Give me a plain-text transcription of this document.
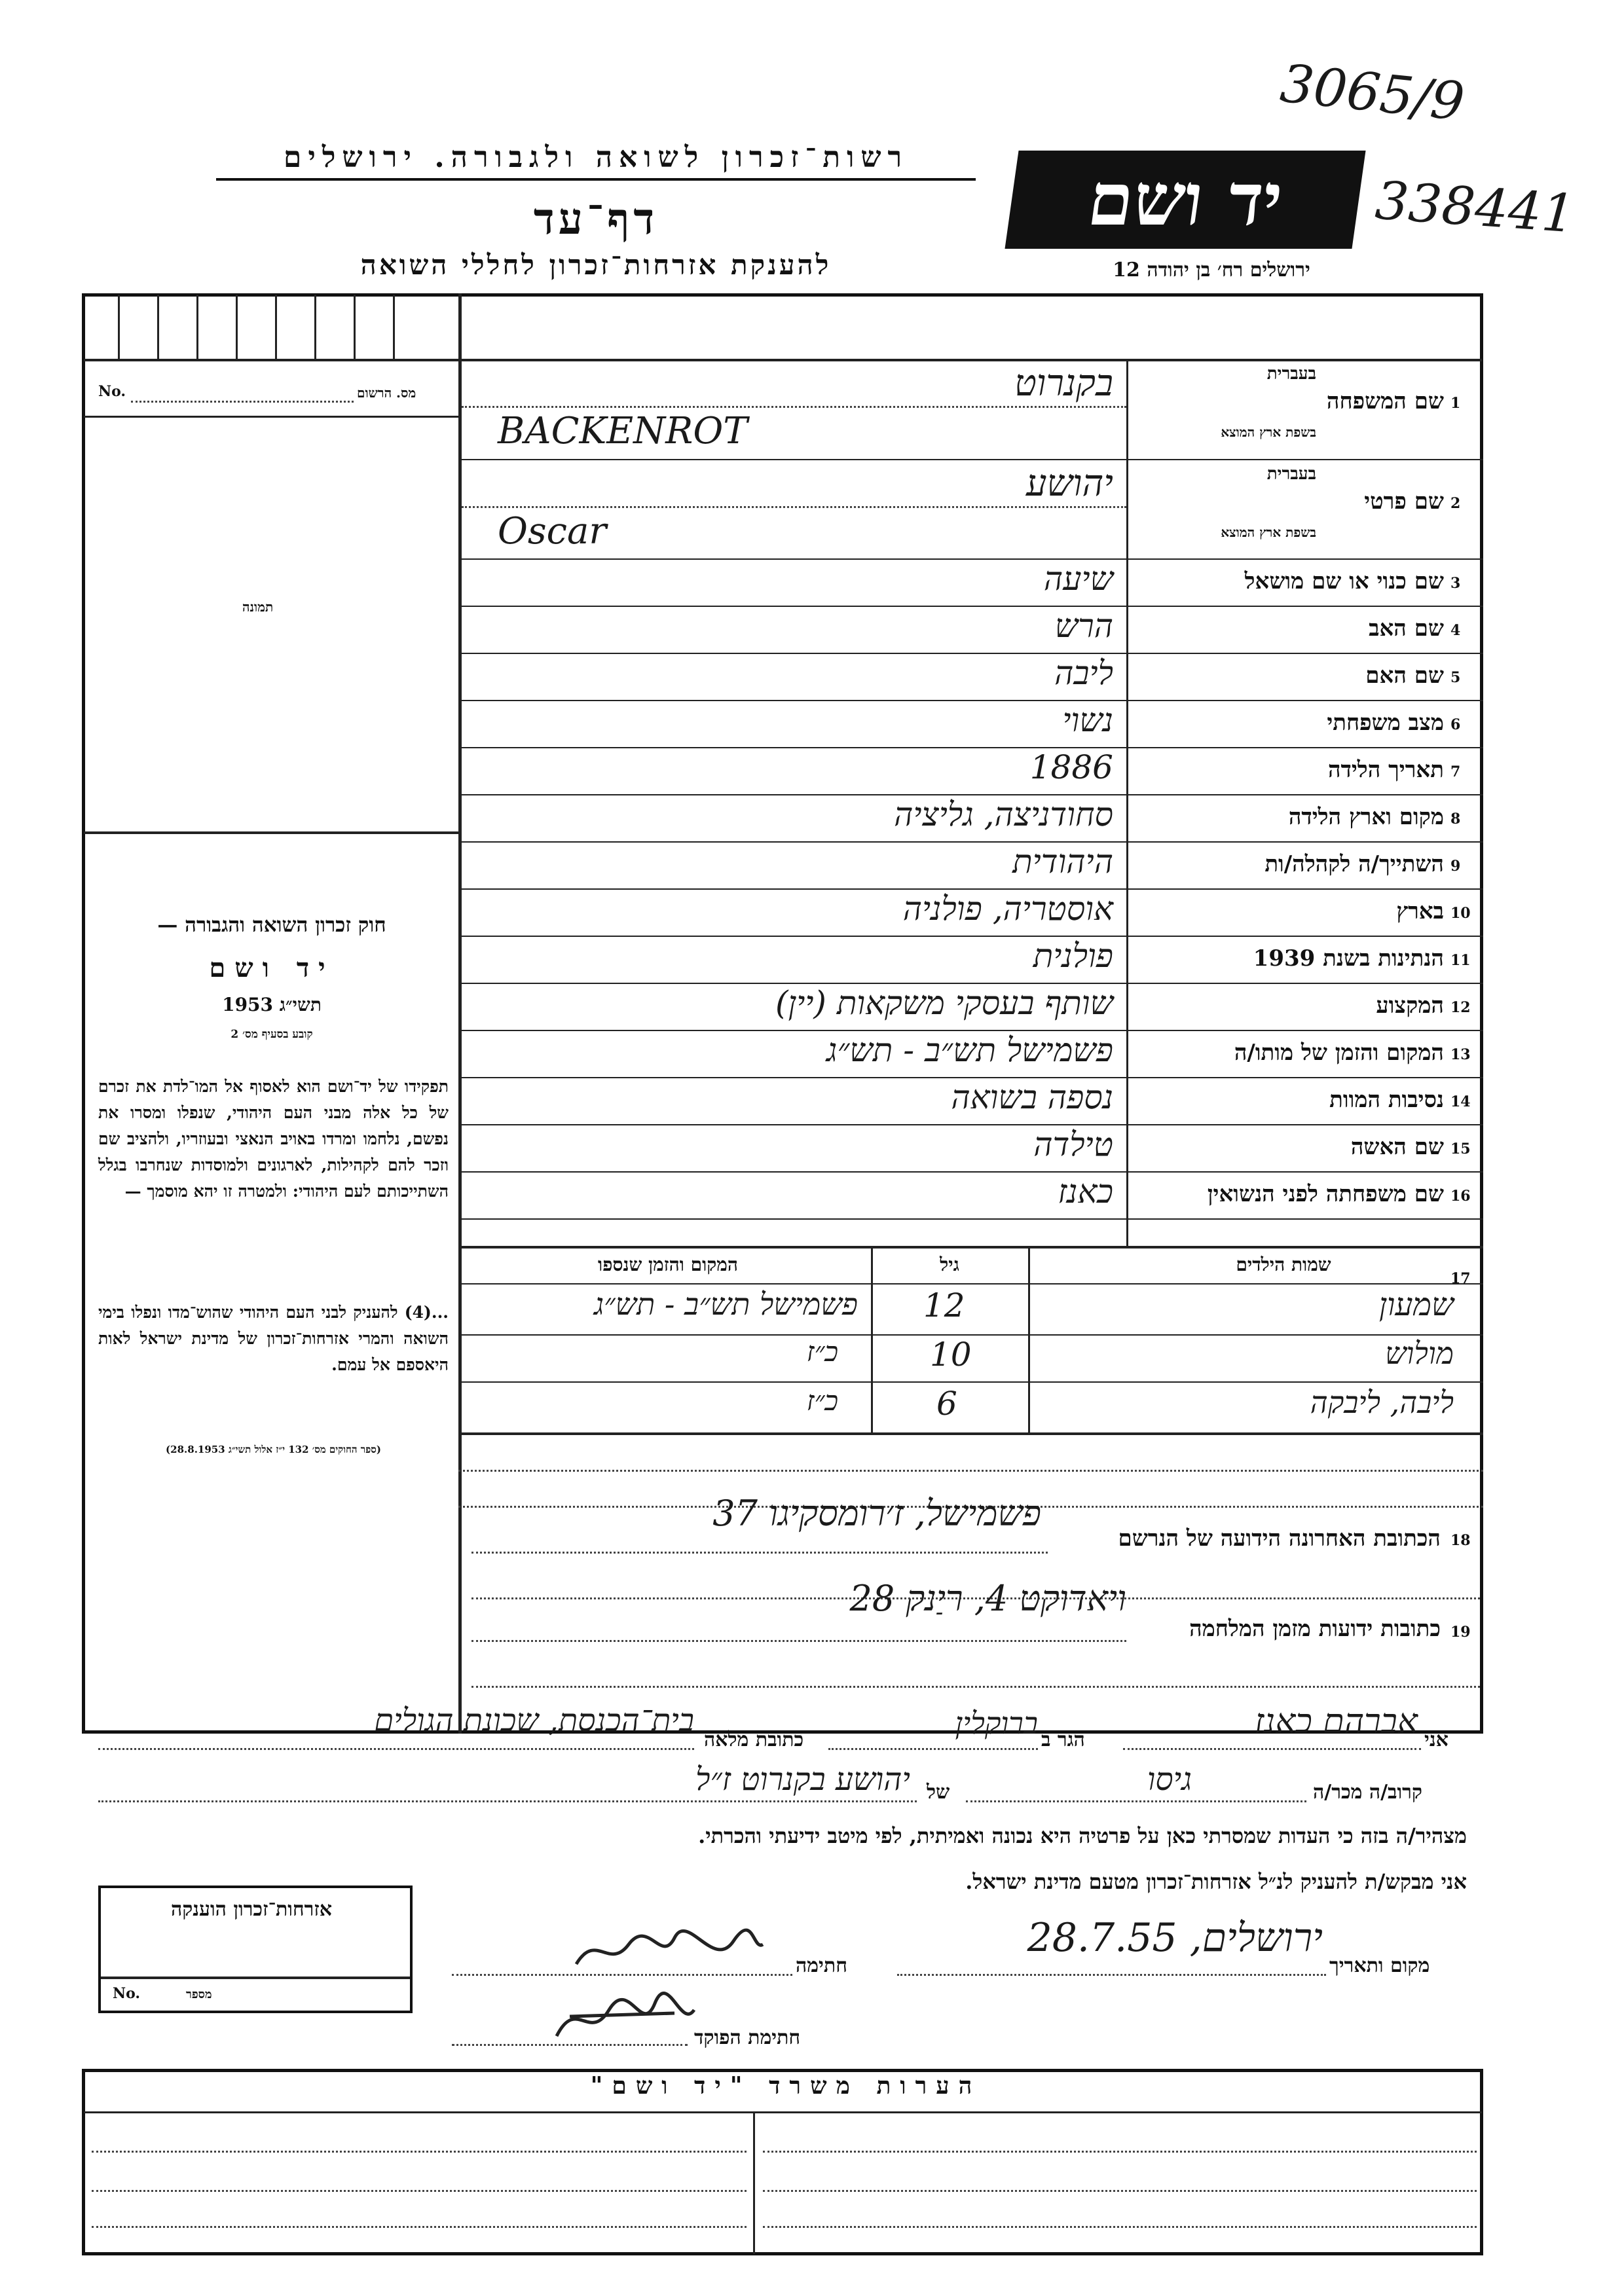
3065/9
338441
רשות־זכרון לשואה ולגבורה. ירושלים
דף־עד
להענקת אזרחות־זכרון לחללי השואה
יד ושם
ירושלים רח׳ בן יהודה 12
No.	מס. הרשום
תמונה
חוק זכרון השואה והגבורה —
יד ושם
תשי״ג 1953
קובע בסעיף מס׳ 2
תפקידו של יד־ושם הוא לאסוף אל המו־לדת את זכרם של כל אלה מבני העם היהודי, שנפלו ומסרו את נפשם, נלחמו ומרדו באויב הנאצי ובעוזריו, ולהציב שם וזכר להם לקהילות, לארגונים ולמוסדות שנחרבו בגלל השתייכותם לעם היהודי: ולמטרה זו יהא מוסמך —
...(4) להעניק לבני העם היהודי שהוש־מדו ונפלו בימי השואה והמרי אזרחות־זכרון של מדינת ישראל לאות היאספם אל עמם.
(ספר החוקים מס׳ 132 י״ז אלול תשי״ג 28.8.1953)
1
שם המשפחה
בעברית
בשפת ארץ המוצא
בקנרוט
BACKENROT
2
שם פרטי
בעברית
בשפת ארץ המוצא
יהושע
Oscar
3
שם כנוי או שם מושאל
שיעה
4
שם האב
הרש
5
שם האם
ליבה
6
מצב משפחתי
נשוי
7
תאריך הלידה
1886
8
מקום וארץ הלידה
סחודניצה, גליציה
9
השתייך/ה לקהלה/ות
היהודית
10
בארץ
אוסטריה, פולניה
11
הנתינות בשנת 1939
פולנית
12
המקצוע
שותף בעסקי משקאות (יין)
13
המקום והזמן של מותו/ה
פשמישל תש״ב - תש״ג
14
נסיבות המוות
נספה בשואה
15
שם האשה
טילדה
16
שם משפחתה לפני הנשואין
כאנז
17
שמות הילדים
גיל
המקום והזמן שנספו
שמעון
12
פשמישל תש״ב - תש״ג
מולוש
10
כ״ז
ליבה, ליבקה
6
כ״ז
18
הכתובת האחרונה הידועה של הנרשם
פשמישל, ז׳רומסקיגו 37
19
כתובות ידועות מזמן המלחמה
ויאדוקט 4, ריַנק 28
אני
אברהם כאנז
הגר ב
ברוקלין
כתובת מלאה
בית־הכנסת, שכונת הגולים
קרוב/ה מכר/ה
גיסו
של
יהושע בקנרוט ז״ל
מצהיר/ה בזה כי העדות שמסרתי כאן על פרטיה היא נכונה ואמיתית, לפי מיטב ידיעתי והכרתי.
אני מבקש/ת להעניק לנ״ל אזרחות־זכרון מטעם מדינת ישראל.
אזרחות־זכרון הוענקה
No.	מספר
מקום ותאריך
ירושלים, 28.7.55
חתימה
חתימת הפוקד
הערות משרד "יד ושם"
